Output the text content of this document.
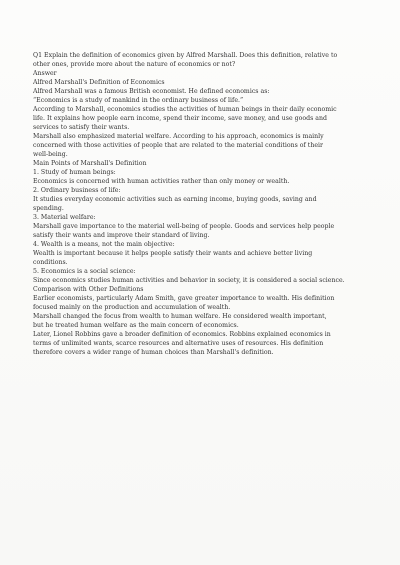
Q1 Explain the definition of economics given by Alfred Marshall. Does this definition, relative to
other ones, provide more about the nature of economics or not?
Answer
Alfred Marshall's Definition of Economics
Alfred Marshall was a famous British economist. He defined economics as:
“Economics is a study of mankind in the ordinary business of life.”
According to Marshall, economics studies the activities of human beings in their daily economic
life. It explains how people earn income, spend their income, save money, and use goods and
services to satisfy their wants.
Marshall also emphasized material welfare. According to his approach, economics is mainly
concerned with those activities of people that are related to the material conditions of their
well-being.
Main Points of Marshall's Definition
1. Study of human beings:
Economics is concerned with human activities rather than only money or wealth.
2. Ordinary business of life:
It studies everyday economic activities such as earning income, buying goods, saving and
spending.
3. Material welfare:
Marshall gave importance to the material well-being of people. Goods and services help people
satisfy their wants and improve their standard of living.
4. Wealth is a means, not the main objective:
Wealth is important because it helps people satisfy their wants and achieve better living
conditions.
5. Economics is a social science:
Since economics studies human activities and behavior in society, it is considered a social science.
Comparison with Other Definitions
Earlier economists, particularly Adam Smith, gave greater importance to wealth. His definition
focused mainly on the production and accumulation of wealth.
Marshall changed the focus from wealth to human welfare. He considered wealth important,
but he treated human welfare as the main concern of economics.
Later, Lionel Robbins gave a broader definition of economics. Robbins explained economics in
terms of unlimited wants, scarce resources and alternative uses of resources. His definition
therefore covers a wider range of human choices than Marshall's definition.
